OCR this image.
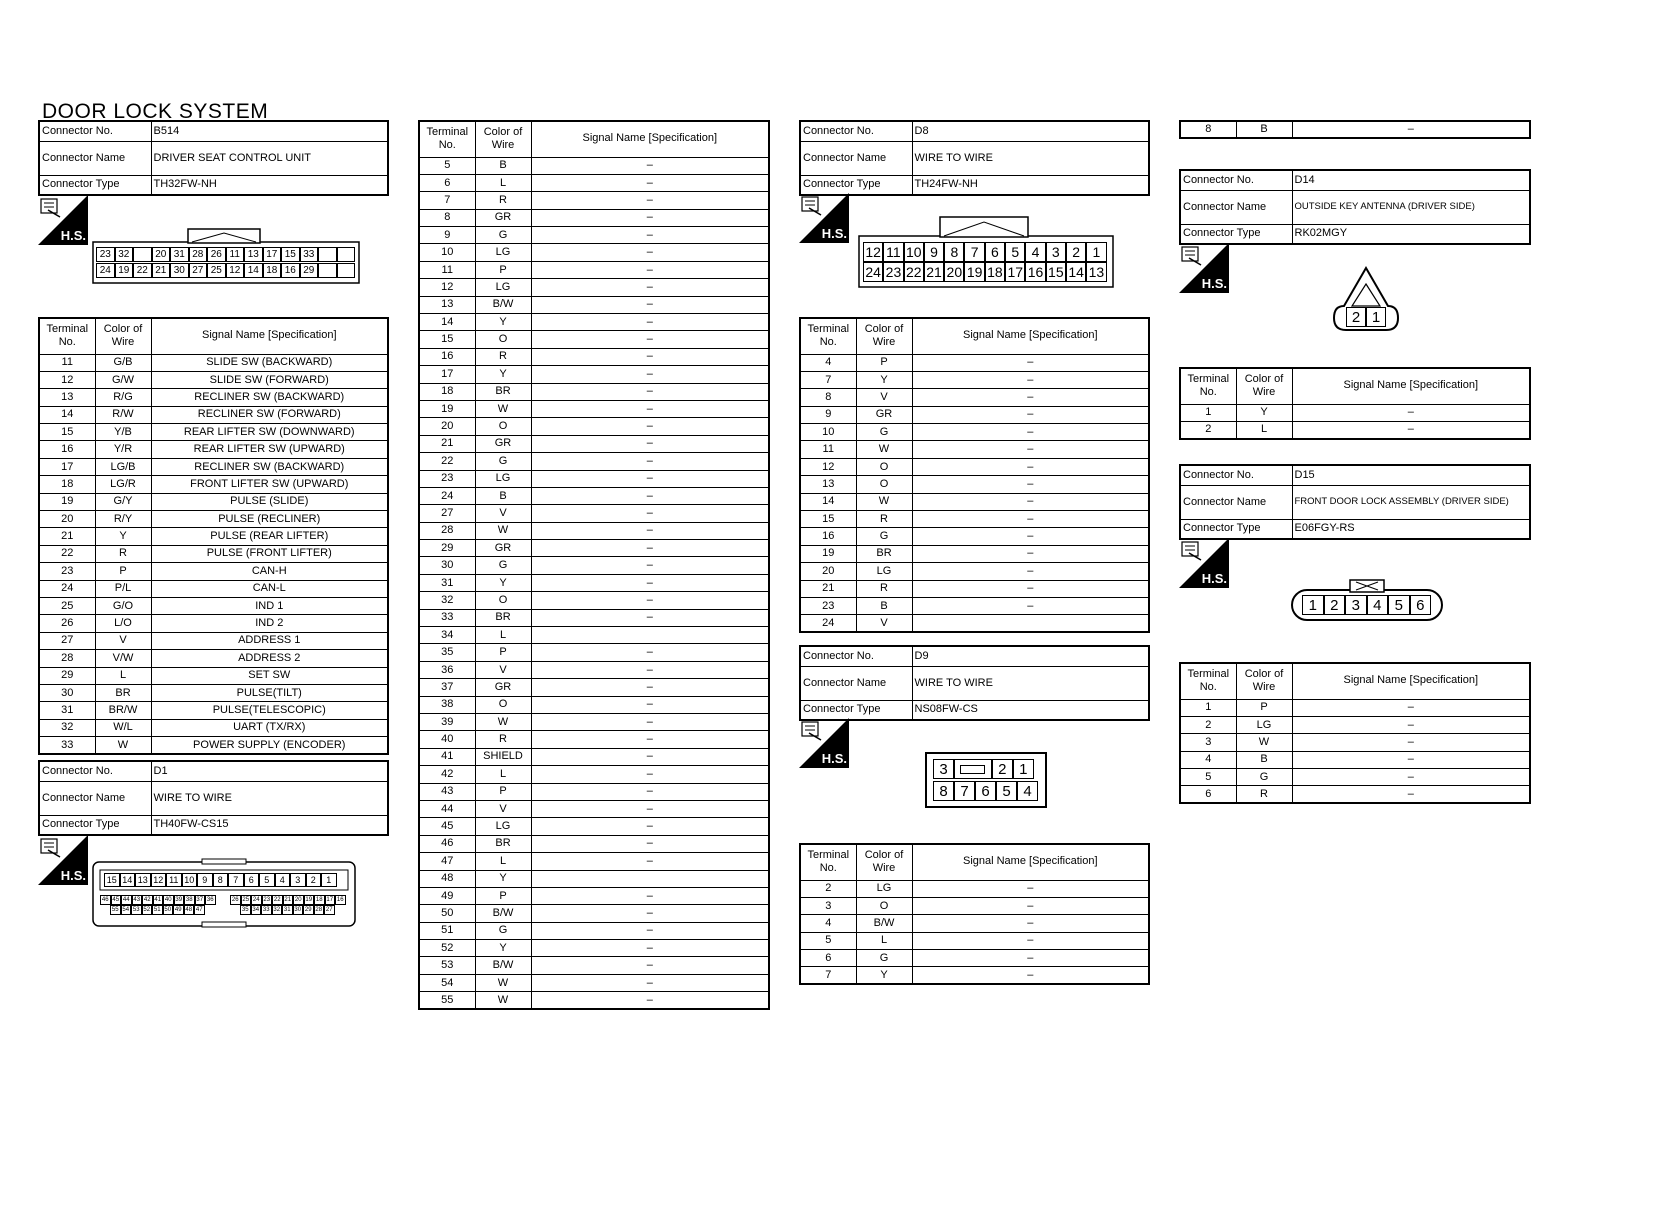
DOOR LOCK SYSTEM
Connector No.	B514
Connector Name	DRIVER SEAT CONTROL UNIT
Connector Type	TH32FW-NH
H.S.
23 32	20 31 28 26 11 13 17 15 33
24 19 22 21 30 27 25 12 14 18 16 29
Terminal No.	Color of Wire	Signal Name [Specification]
11	G/B	SLIDE SW (BACKWARD)
12	G/W	SLIDE SW (FORWARD)
13	R/G	RECLINER SW (BACKWARD)
14	R/W	RECLINER SW (FORWARD)
15	Y/B	REAR LIFTER SW (DOWNWARD)
16	Y/R	REAR LIFTER SW (UPWARD)
17	LG/B	RECLINER SW (BACKWARD)
18	LG/R	FRONT LIFTER SW (UPWARD)
19	G/Y	PULSE (SLIDE)
20	R/Y	PULSE (RECLINER)
21	Y	PULSE (REAR LIFTER)
22	R	PULSE (FRONT LIFTER)
23	P	CAN-H
24	P/L	CAN-L
25	G/O	IND 1
26	L/O	IND 2
27	V	ADDRESS 1
28	V/W	ADDRESS 2
29	L	SET SW
30	BR	PULSE(TILT)
31	BR/W	PULSE(TELESCOPIC)
32	W/L	UART (TX/RX)
33	W	POWER SUPPLY (ENCODER)
Connector No.	D1
Connector Name	WIRE TO WIRE
Connector Type	TH40FW-CS15
H.S.	15 14 13 12 11 10 9	8	7	6	5	4	3	2	1
46 45 44 43 42 41 40 39 38 37 36	26 25 24 23 22 21 20 19 18 17 16
55 54 53 52 51 50 49 48 47	35 34 33 32 31 30 29 28 27
Terminal No.	Color of Wire	Signal Name [Specification]
5	B	–
6	L	–
7	R	–
8	GR	–
9	G	–
10	LG	–
11	P	–
12	LG	–
13	B/W	–
14	Y	–
15	O	–
16	R	–
17	Y	–
18	BR	–
19	W	–
20	O	–
21	GR	–
22	G	–
23	LG	–
24	B	–
27	V	–
28	W	–
29	GR	–
30	G	–
31	Y	–
32	O	–
33	BR	–
34	L	
35	P	–
36	V	–
37	GR	–
38	O	–
39	W	–
40	R	–
41	SHIELD	–
42	L	–
43	P	–
44	V	–
45	LG	–
46	BR	–
47	L	–
48	Y	
49	P	–
50	B/W	–
51	G	–
52	Y	–
53	B/W	–
54	W	–
55	W	–
Connector No.	D8
Connector Name	WIRE TO WIRE
Connector Type	TH24FW-NH
H.S.
12 11 10 9 8 7 6 5 4 3 2 1
24 23 22 21 20 19 18 17 16 15 14 13
Terminal No.	Color of Wire	Signal Name [Specification]
4	P	–
7	Y	–
8	V	–
9	GR	–
10	G	–
11	W	–
12	O	–
13	O	–
14	W	–
15	R	–
16	G	–
19	BR	–
20	LG	–
21	R	–
23	B	–
24	V	
Connector No.	D9
Connector Name	WIRE TO WIRE
Connector Type	NS08FW-CS
H.S.
3	2 1
8 7 6 5 4
Terminal No.	Color of Wire	Signal Name [Specification]
2	LG	–
3	O	–
4	B/W	–
5	L	–
6	G	–
7	Y	–
8	B	–
Connector No.	D14
Connector Name	OUTSIDE KEY ANTENNA (DRIVER SIDE)
Connector Type	RK02MGY
H.S.
2 1
Terminal No.	Color of Wire	Signal Name [Specification]
1	Y	–
2	L	–
Connector No.	D15
Connector Name	FRONT DOOR LOCK ASSEMBLY (DRIVER SIDE)
Connector Type	E06FGY-RS
H.S.
1 2 3 4 5 6
Terminal No.	Color of Wire	Signal Name [Specification]
1	P	–
2	LG	–
3	W	–
4	B	–
5	G	–
6	R	–
